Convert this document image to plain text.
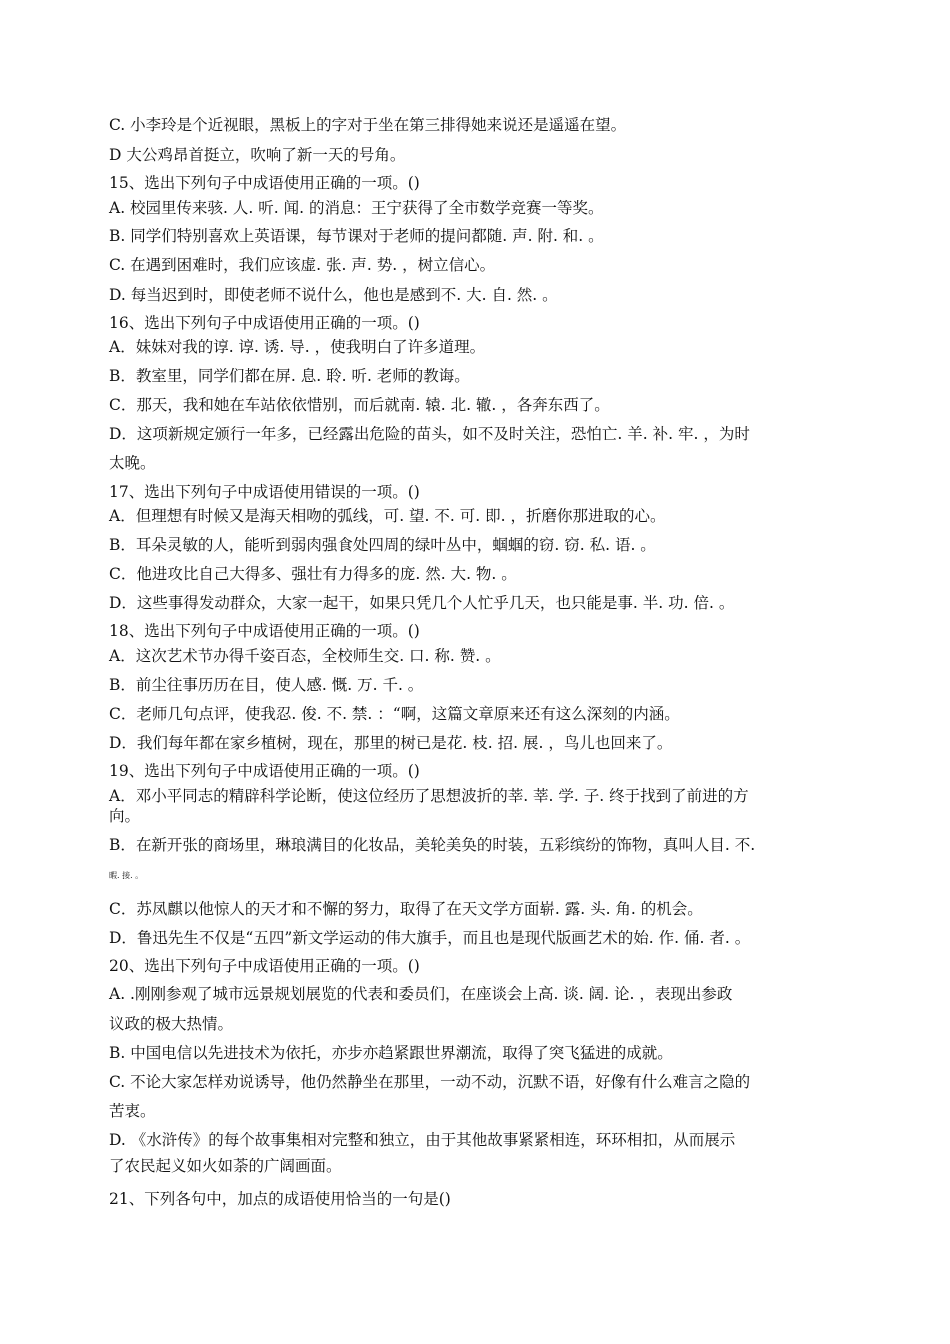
C. 小李玲是个近视眼，黑板上的字对于坐在第三排得她来说还是遥遥在望。
D 大公鸡昂首挺立，吹响了新一天的号角。
15、选出下列句子中成语使用正确的一项。()
A. 校园里传来骇. 人. 听. 闻. 的消息：王宁获得了全市数学竞赛一等奖。
B. 同学们特别喜欢上英语课，每节课对于老师的提问都随. 声. 附. 和. 。
C. 在遇到困难时，我们应该虚. 张. 声. 势. ，树立信心。
D. 每当迟到时，即使老师不说什么，他也是感到不. 大. 自. 然. 。
16、选出下列句子中成语使用正确的一项。()
A．妹妹对我的谆. 谆. 诱. 导. ，使我明白了许多道理。
B．教室里，同学们都在屏. 息. 聆. 听. 老师的教诲。
C．那天，我和她在车站依依惜别，而后就南. 辕. 北. 辙. ，各奔东西了。
D．这项新规定颁行一年多，已经露出危险的苗头，如不及时关注，恐怕亡. 羊. 补. 牢. ，为时
太晚。
17、选出下列句子中成语使用错误的一项。()
A．但理想有时候又是海天相吻的弧线，可. 望. 不. 可. 即. ，折磨你那进取的心。
B．耳朵灵敏的人，能听到弱肉强食处四周的绿叶丛中，蝈蝈的窃. 窃. 私. 语. 。
C．他进攻比自己大得多、强壮有力得多的庞. 然. 大. 物. 。
D．这些事得发动群众，大家一起干，如果只凭几个人忙乎几天，也只能是事. 半. 功. 倍. 。
18、选出下列句子中成语使用正确的一项。()
A．这次艺术节办得千姿百态，全校师生交. 口. 称. 赞. 。
B．前尘往事历历在目，使人感. 慨. 万. 千. 。
C．老师几句点评，使我忍. 俊. 不. 禁. ：“啊，这篇文章原来还有这么深刻的内涵。
D．我们每年都在家乡植树，现在，那里的树已是花. 枝. 招. 展. ，鸟儿也回来了。
19、选出下列句子中成语使用正确的一项。()
A．邓小平同志的精辟科学论断，使这位经历了思想波折的莘. 莘. 学. 子. 终于找到了前进的方
向。
B．在新开张的商场里，琳琅满目的化妆品，美轮美奂的时装，五彩缤纷的饰物，真叫人目. 不.
暇. 接. 。
C．苏凤麒以他惊人的天才和不懈的努力，取得了在天文学方面崭. 露. 头. 角. 的机会。
D．鲁迅先生不仅是“五四”新文学运动的伟大旗手，而且也是现代版画艺术的始. 作. 俑. 者. 。
20、选出下列句子中成语使用正确的一项。()
A. .刚刚参观了城市远景规划展览的代表和委员们，在座谈会上高. 谈. 阔. 论. ，表现出参政
议政的极大热情。
B. 中国电信以先进技术为依托，亦步亦趋紧跟世界潮流，取得了突飞猛进的成就。
C. 不论大家怎样劝说诱导，他仍然静坐在那里，一动不动，沉默不语，好像有什么难言之隐的
苦衷。
D. 《水浒传》的每个故事集相对完整和独立，由于其他故事紧紧相连，环环相扣，从而展示
了农民起义如火如荼的广阔画面。
21、下列各句中，加点的成语使用恰当的一句是()
